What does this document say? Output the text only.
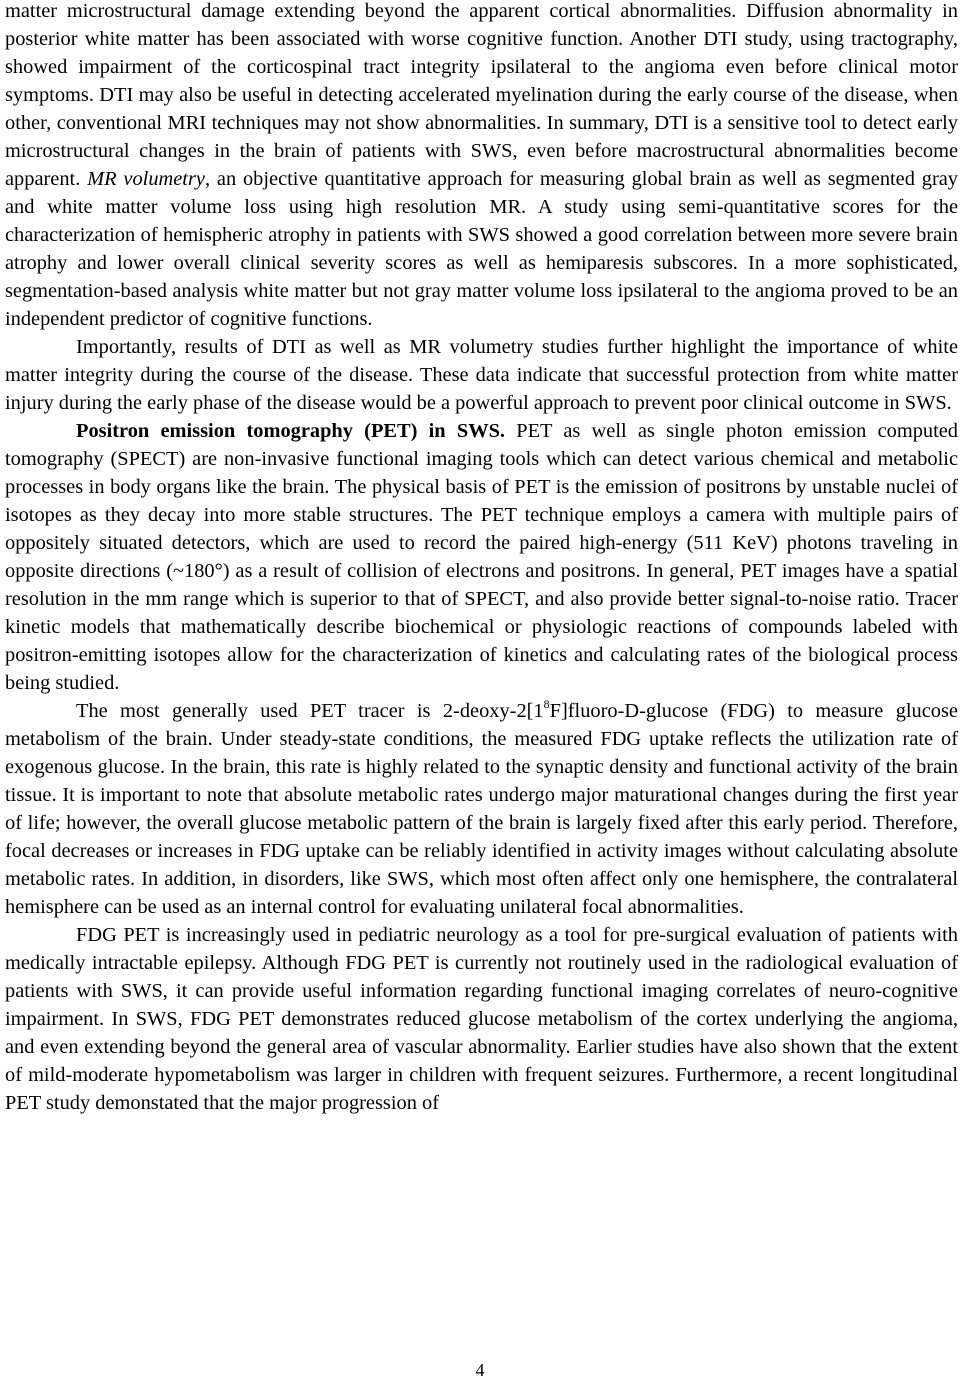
matter microstructural damage extending beyond the apparent cortical abnormalities. Diffusion abnormality in posterior white matter has been associated with worse cognitive function. Another DTI study, using tractography, showed impairment of the corticospinal tract integrity ipsilateral to the angioma even before clinical motor symptoms. DTI may also be useful in detecting accelerated myelination during the early course of the disease, when other, conventional MRI techniques may not show abnormalities. In summary, DTI is a sensitive tool to detect early microstructural changes in the brain of patients with SWS, even before macrostructural abnormalities become apparent. MR volumetry, an objective quantitative approach for measuring global brain as well as segmented gray and white matter volume loss using high resolution MR. A study using semi-quantitative scores for the characterization of hemispheric atrophy in patients with SWS showed a good correlation between more severe brain atrophy and lower overall clinical severity scores as well as hemiparesis subscores. In a more sophisticated, segmentation-based analysis white matter but not gray matter volume loss ipsilateral to the angioma proved to be an independent predictor of cognitive functions.

Importantly, results of DTI as well as MR volumetry studies further highlight the importance of white matter integrity during the course of the disease. These data indicate that successful protection from white matter injury during the early phase of the disease would be a powerful approach to prevent poor clinical outcome in SWS.

Positron emission tomography (PET) in SWS. PET as well as single photon emission computed tomography (SPECT) are non-invasive functional imaging tools which can detect various chemical and metabolic processes in body organs like the brain. The physical basis of PET is the emission of positrons by unstable nuclei of isotopes as they decay into more stable structures. The PET technique employs a camera with multiple pairs of oppositely situated detectors, which are used to record the paired high-energy (511 KeV) photons traveling in opposite directions (~180°) as a result of collision of electrons and positrons. In general, PET images have a spatial resolution in the mm range which is superior to that of SPECT, and also provide better signal-to-noise ratio. Tracer kinetic models that mathematically describe biochemical or physiologic reactions of compounds labeled with positron-emitting isotopes allow for the characterization of kinetics and calculating rates of the biological process being studied.

The most generally used PET tracer is $2-deoxy-2[1^8F]fluoro-D$-glucose (FDG) to measure glucose metabolism of the brain. Under steady-state conditions, the measured FDG uptake reflects the utilization rate of exogenous glucose. In the brain, this rate is highly related to the synaptic density and functional activity of the brain tissue. It is important to note that absolute metabolic rates undergo major maturational changes during the first year of life; however, the overall glucose metabolic pattern of the brain is largely fixed after this early period. Therefore, focal decreases or increases in FDG uptake can be reliably identified in activity images without calculating absolute metabolic rates. In addition, in disorders, like SWS, which most often affect only one hemisphere, the contralateral hemisphere can be used as an internal control for evaluating unilateral focal abnormalities.

FDG PET is increasingly used in pediatric neurology as a tool for pre-surgical evaluation of patients with medically intractable epilepsy. Although FDG PET is currently not routinely used in the radiological evaluation of patients with SWS, it can provide useful information regarding functional imaging correlates of neuro-cognitive impairment. In SWS, FDG PET demonstrates reduced glucose metabolism of the cortex underlying the angioma, and even extending beyond the general area of vascular abnormality. Earlier studies have also shown that the extent of mild-moderate hypometabolism was larger in children with frequent seizures. Furthermore, a recent longitudinal PET study demonstated that the major progression of

4
